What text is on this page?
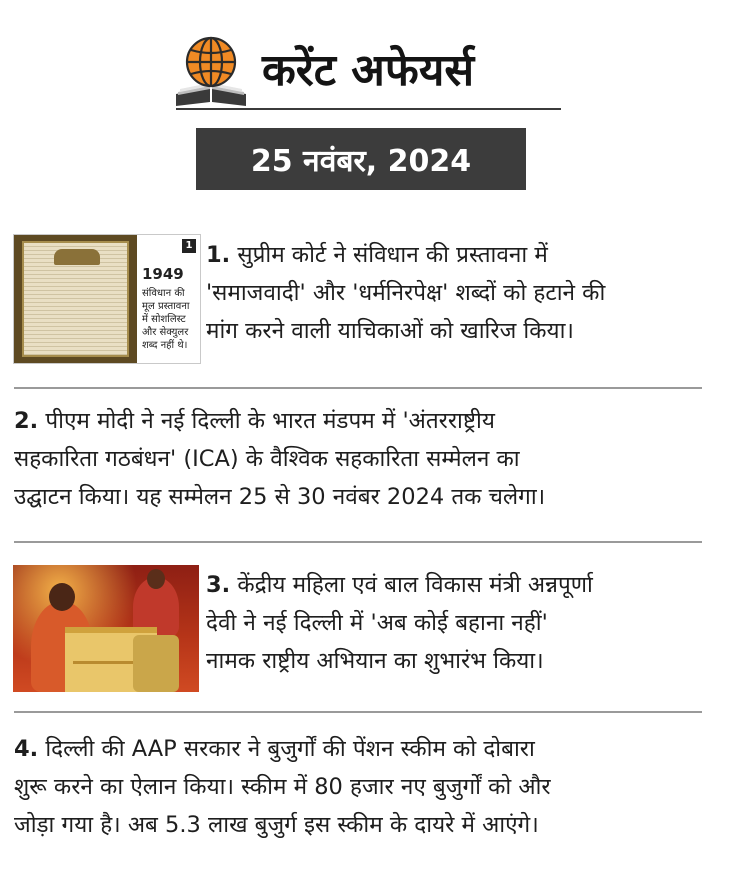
करेंट अफेयर्स
25 नवंबर, 2024
1
1949
संविधान की
मूल प्रस्तावना
में सोशलिस्ट
और सेक्युलर
शब्द नहीं थे।
1. सुप्रीम कोर्ट ने संविधान की प्रस्तावना में
'समाजवादी' और 'धर्मनिरपेक्ष' शब्दों को हटाने की
मांग करने वाली याचिकाओं को खारिज किया।
2. पीएम मोदी ने नई दिल्ली के भारत मंडपम में 'अंतरराष्ट्रीय
सहकारिता गठबंधन' (ICA) के वैश्विक सहकारिता सम्मेलन का
उद्घाटन किया। यह सम्मेलन 25 से 30 नवंबर 2024 तक चलेगा।
3. केंद्रीय महिला एवं बाल विकास मंत्री अन्नपूर्णा
देवी ने नई दिल्ली में 'अब कोई बहाना नहीं'
नामक राष्ट्रीय अभियान का शुभारंभ किया।
4. दिल्ली की AAP सरकार ने बुजुर्गों की पेंशन स्कीम को दोबारा
शुरू करने का ऐलान किया। स्कीम में 80 हजार नए बुजुर्गों को और
जोड़ा गया है। अब 5.3 लाख बुजुर्ग इस स्कीम के दायरे में आएंगे।
